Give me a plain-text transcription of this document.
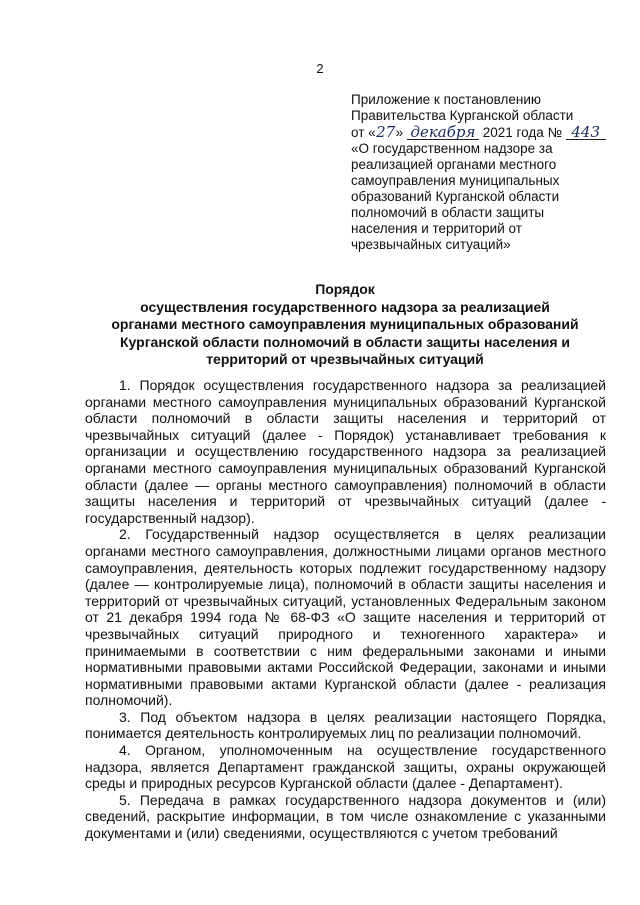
2
Приложение к постановлению
Правительства Курганской области
от «27» декабря 2021 года № 443
«О государственном надзоре за
реализацией органами местного
самоуправления муниципальных
образований Курганской области
полномочий в области защиты
населения и территорий от
чрезвычайных ситуаций»
Порядок
осуществления государственного надзора за реализацией
органами местного самоуправления муниципальных образований
Курганской области полномочий в области защиты населения и
территорий от чрезвычайных ситуаций

1. Порядок осуществления государственного надзора за реализацией органами местного самоуправления муниципальных образований Курганской области полномочий в области защиты населения и территорий от чрезвычайных ситуаций (далее - Порядок) устанавливает требования к организации и осуществлению государственного надзора за реализацией органами местного самоуправления муниципальных образований Курганской области (далее — органы местного самоуправления) полномочий в области защиты населения и территорий от чрезвычайных ситуаций (далее - государственный надзор).

2. Государственный надзор осуществляется в целях реализации органами местного самоуправления, должностными лицами органов местного самоуправления, деятельность которых подлежит государственному надзору (далее — контролируемые лица), полномочий в области защиты населения и территорий от чрезвычайных ситуаций, установленных Федеральным законом от 21 декабря 1994 года № 68-ФЗ «О защите населения и территорий от чрезвычайных ситуаций природного и техногенного характера» и принимаемыми в соответствии с ним федеральными законами и иными нормативными правовыми актами Российской Федерации, законами и иными нормативными правовыми актами Курганской области (далее - реализация полномочий).

3. Под объектом надзора в целях реализации настоящего Порядка, понимается деятельность контролируемых лиц по реализации полномочий.

4. Органом, уполномоченным на осуществление государственного надзора, является Департамент гражданской защиты, охраны окружающей среды и природных ресурсов Курганской области (далее - Департамент).

5. Передача в рамках государственного надзора документов и (или) сведений, раскрытие информации, в том числе ознакомление с указанными документами и (или) сведениями, осуществляются с учетом требований
